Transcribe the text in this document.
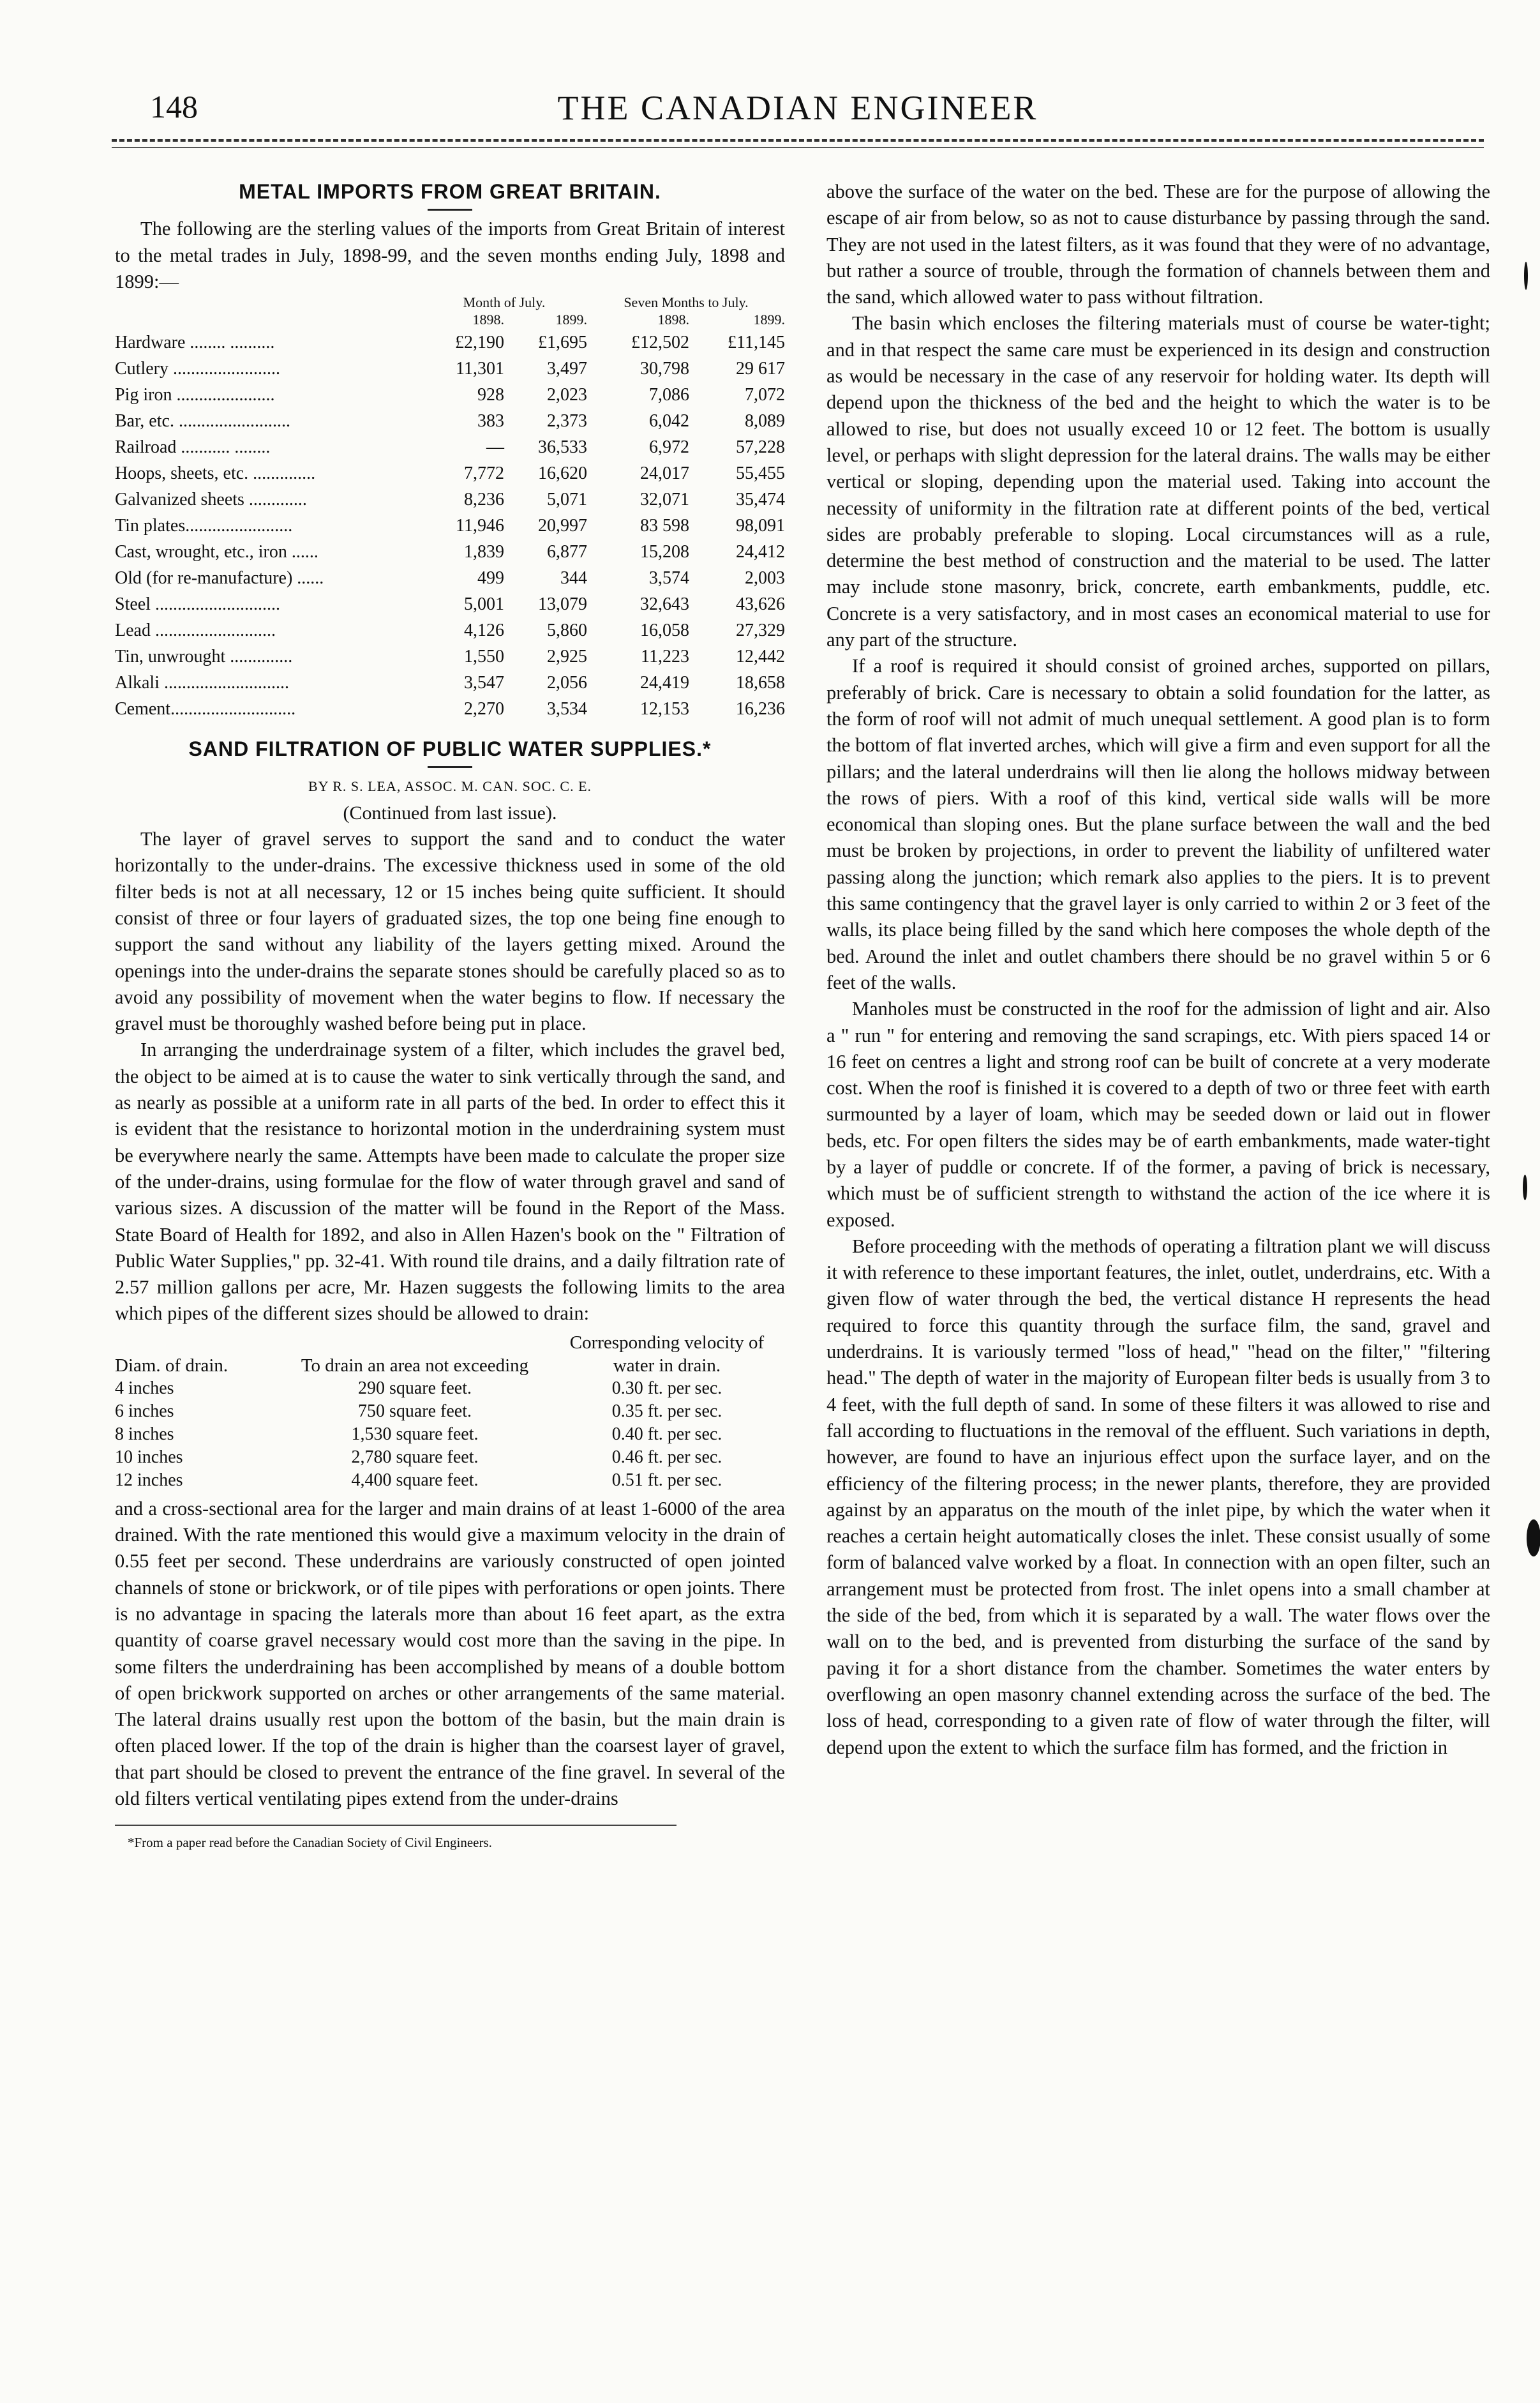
148	THE CANADIAN ENGINEER
METAL IMPORTS FROM GREAT BRITAIN.

The following are the sterling values of the imports from Great Britain of interest to the metal trades in July, 1898-99, and the seven months ending July, 1898 and 1899:—

	Month of July.		Seven Months to July.	
	1898.	1899.	1898.	1899.
Hardware ........ ..........	£2,190	£1,695	£12,502	£11,145
Cutlery ........................	11,301	3,497	30,798	29 617
Pig iron ......................	928	2,023	7,086	7,072
Bar, etc. .........................	383	2,373	6,042	8,089
Railroad ........... ........	—	36,533	6,972	57,228
Hoops, sheets, etc. ..............	7,772	16,620	24,017	55,455
Galvanized sheets .............	8,236	5,071	32,071	35,474
Tin plates........................	11,946	20,997	83 598	98,091
Cast, wrought, etc., iron ......	1,839	6,877	15,208	24,412
Old (for re-manufacture) ......	499	344	3,574	2,003
Steel ............................	5,001	13,079	32,643	43,626
Lead ...........................	4,126	5,860	16,058	27,329
Tin, unwrought ..............	1,550	2,925	11,223	12,442
Alkali ............................	3,547	2,056	24,419	18,658
Cement............................	2,270	3,534	12,153	16,236
SAND FILTRATION OF PUBLIC WATER SUPPLIES.*
BY R. S. LEA, ASSOC. M. CAN. SOC. C. E.
(Continued from last issue).

The layer of gravel serves to support the sand and to conduct the water horizontally to the under-drains. The excessive thickness used in some of the old filter beds is not at all necessary, 12 or 15 inches being quite sufficient. It should consist of three or four layers of graduated sizes, the top one being fine enough to support the sand without any liability of the layers getting mixed. Around the openings into the under-drains the separate stones should be carefully placed so as to avoid any possibility of movement when the water begins to flow. If necessary the gravel must be thoroughly washed before being put in place.

In arranging the underdrainage system of a filter, which includes the gravel bed, the object to be aimed at is to cause the water to sink vertically through the sand, and as nearly as possible at a uniform rate in all parts of the bed. In order to effect this it is evident that the resistance to horizontal motion in the underdraining system must be everywhere nearly the same. Attempts have been made to calculate the proper size of the under-drains, using formulae for the flow of water through gravel and sand of various sizes. A discussion of the matter will be found in the Report of the Mass. State Board of Health for 1892, and also in Allen Hazen's book on the " Filtration of Public Water Supplies," pp. 32-41. With round tile drains, and a daily filtration rate of 2.57 million gallons per acre, Mr. Hazen suggests the following limits to the area which pipes of the different sizes should be allowed to drain:

Diam. of drain.	To drain an area not exceeding	Corresponding velocity of water in drain.
4 inches	290 square feet.	0.30 ft. per sec.
6 inches	750 square feet.	0.35 ft. per sec.
8 inches	1,530 square feet.	0.40 ft. per sec.
10 inches	2,780 square feet.	0.46 ft. per sec.
12 inches	4,400 square feet.	0.51 ft. per sec.

and a cross-sectional area for the larger and main drains of at least 1-6000 of the area drained. With the rate mentioned this would give a maximum velocity in the drain of 0.55 feet per second. These underdrains are variously constructed of open jointed channels of stone or brickwork, or of tile pipes with perforations or open joints. There is no advantage in spacing the laterals more than about 16 feet apart, as the extra quantity of coarse gravel necessary would cost more than the saving in the pipe. In some filters the underdraining has been accomplished by means of a double bottom of open brickwork supported on arches or other arrangements of the same material. The lateral drains usually rest upon the bottom of the basin, but the main drain is often placed lower. If the top of the drain is higher than the coarsest layer of gravel, that part should be closed to prevent the entrance of the fine gravel. In several of the old filters vertical ventilating pipes extend from the under-drains

*From a paper read before the Canadian Society of Civil Engineers.

above the surface of the water on the bed. These are for the purpose of allowing the escape of air from below, so as not to cause disturbance by passing through the sand. They are not used in the latest filters, as it was found that they were of no advantage, but rather a source of trouble, through the formation of channels between them and the sand, which allowed water to pass without filtration.

The basin which encloses the filtering materials must of course be water-tight; and in that respect the same care must be experienced in its design and construction as would be necessary in the case of any reservoir for holding water. Its depth will depend upon the thickness of the bed and the height to which the water is to be allowed to rise, but does not usually exceed 10 or 12 feet. The bottom is usually level, or perhaps with slight depression for the lateral drains. The walls may be either vertical or sloping, depending upon the material used. Taking into account the necessity of uniformity in the filtration rate at different points of the bed, vertical sides are probably preferable to sloping. Local circumstances will as a rule, determine the best method of construction and the material to be used. The latter may include stone masonry, brick, concrete, earth embankments, puddle, etc. Concrete is a very satisfactory, and in most cases an economical material to use for any part of the structure.

If a roof is required it should consist of groined arches, supported on pillars, preferably of brick. Care is necessary to obtain a solid foundation for the latter, as the form of roof will not admit of much unequal settlement. A good plan is to form the bottom of flat inverted arches, which will give a firm and even support for all the pillars; and the lateral underdrains will then lie along the hollows midway between the rows of piers. With a roof of this kind, vertical side walls will be more economical than sloping ones. But the plane surface between the wall and the bed must be broken by projections, in order to prevent the liability of unfiltered water passing along the junction; which remark also applies to the piers. It is to prevent this same contingency that the gravel layer is only carried to within 2 or 3 feet of the walls, its place being filled by the sand which here composes the whole depth of the bed. Around the inlet and outlet chambers there should be no gravel within 5 or 6 feet of the walls.

Manholes must be constructed in the roof for the admission of light and air. Also a " run " for entering and removing the sand scrapings, etc. With piers spaced 14 or 16 feet on centres a light and strong roof can be built of concrete at a very moderate cost. When the roof is finished it is covered to a depth of two or three feet with earth surmounted by a layer of loam, which may be seeded down or laid out in flower beds, etc. For open filters the sides may be of earth embankments, made water-tight by a layer of puddle or concrete. If of the former, a paving of brick is necessary, which must be of sufficient strength to withstand the action of the ice where it is exposed.

Before proceeding with the methods of operating a filtration plant we will discuss it with reference to these important features, the inlet, outlet, underdrains, etc. With a given flow of water through the bed, the vertical distance H represents the head required to force this quantity through the surface film, the sand, gravel and underdrains. It is variously termed "loss of head," "head on the filter," "filtering head." The depth of water in the majority of European filter beds is usually from 3 to 4 feet, with the full depth of sand. In some of these filters it was allowed to rise and fall according to fluctuations in the removal of the effluent. Such variations in depth, however, are found to have an injurious effect upon the surface layer, and on the efficiency of the filtering process; in the newer plants, therefore, they are provided against by an apparatus on the mouth of the inlet pipe, by which the water when it reaches a certain height automatically closes the inlet. These consist usually of some form of balanced valve worked by a float. In connection with an open filter, such an arrangement must be protected from frost. The inlet opens into a small chamber at the side of the bed, from which it is separated by a wall. The water flows over the wall on to the bed, and is prevented from disturbing the surface of the sand by paving it for a short distance from the chamber. Sometimes the water enters by overflowing an open masonry channel extending across the surface of the bed. The loss of head, corresponding to a given rate of flow of water through the filter, will depend upon the extent to which the surface film has formed, and the friction in
